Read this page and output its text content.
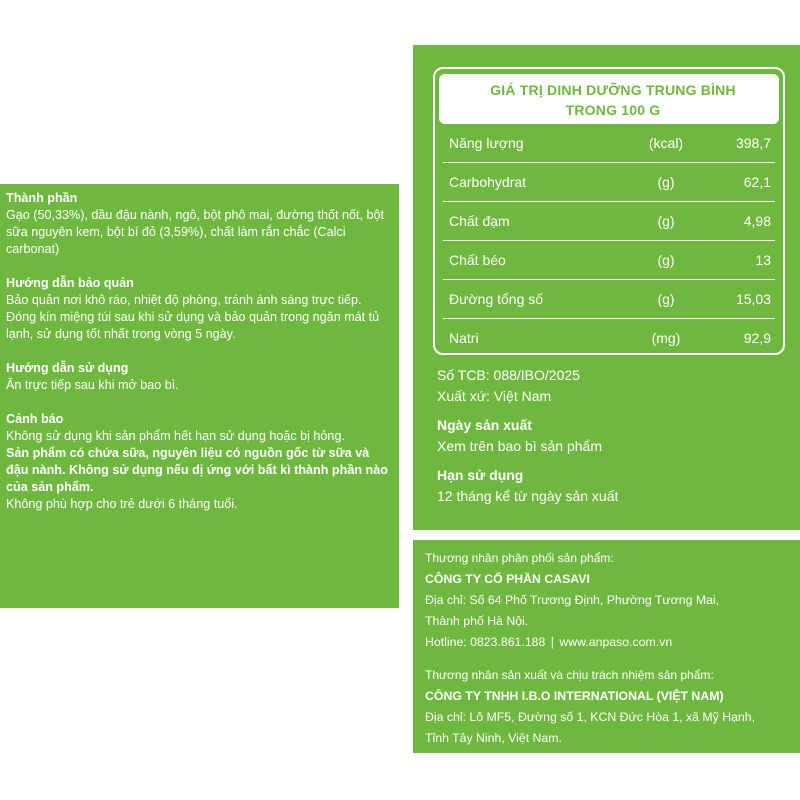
Thành phần

Gạo (50,33%), dầu đậu nành, ngô, bột phô mai, đường thốt nốt, bột sữa nguyên kem, bột bí đỏ (3,59%), chất làm rắn chắc (Calci carbonat)

Hướng dẫn bảo quản

Bảo quản nơi khô ráo, nhiệt độ phòng, tránh ánh sáng trực tiếp.

Đóng kín miệng túi sau khi sử dụng và bảo quản trong ngăn mát tủ lạnh, sử dụng tốt nhất trong vòng 5 ngày.

Hướng dẫn sử dụng

Ăn trực tiếp sau khi mở bao bì.

Cảnh báo

Không sử dụng khi sản phẩm hết hạn sử dụng hoặc bị hỏng.

Sản phẩm có chứa sữa, nguyên liệu có nguồn gốc từ sữa và đậu nành. Không sử dụng nếu dị ứng với bất kì thành phần nào của sản phẩm.

Không phù hợp cho trẻ dưới 6 tháng tuổi.

GIÁ TRỊ DINH DƯỠNG TRUNG BÌNH
TRONG 100 G
Năng lượng	(kcal)	398,7
Carbohydrat	(g)	62,1
Chất đạm	(g)	4,98
Chất béo	(g)	13
Đường tổng số	(g)	15,03
Natri	(mg)	92,9
Số TCB: 088/IBO/2025
Xuất xứ: Việt Nam
Ngày sản xuất
Xem trên bao bì sản phẩm
Hạn sử dụng
12 tháng kể từ ngày sản xuất
Thương nhân phân phối sản phẩm:
CÔNG TY CỔ PHẦN CASAVI
Địa chỉ: Số 64 Phố Trương Định, Phường Tương Mai,
Thành phố Hà Nội.
Hotline: 0823.861.188 | www.anpaso.com.vn
Thương nhân sản xuất và chịu trách nhiệm sản phẩm:
CÔNG TY TNHH I.B.O INTERNATIONAL (VIỆT NAM)
Địa chỉ: Lô MF5, Đường số 1, KCN Đức Hòa 1, xã Mỹ Hạnh,
Tỉnh Tây Ninh, Việt Nam.
